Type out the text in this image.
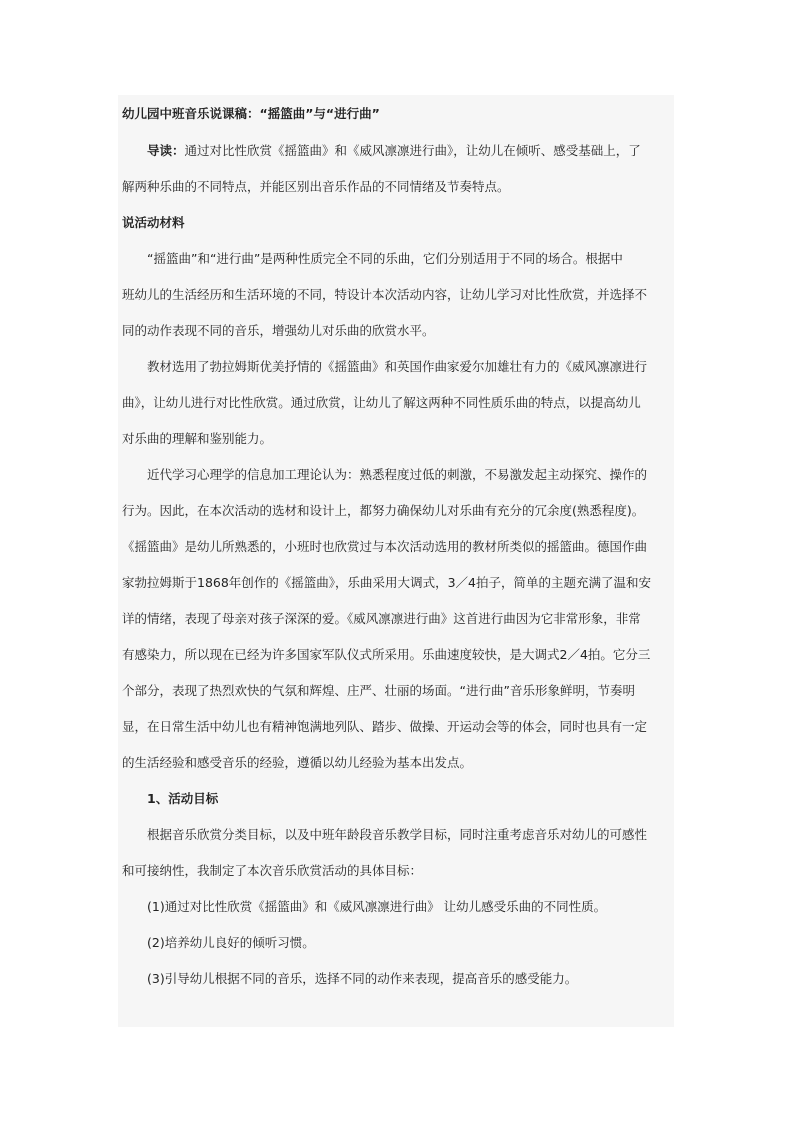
幼儿园中班音乐说课稿：“摇篮曲”与“进行曲”

导读：通过对比性欣赏《摇篮曲》和《威风凛凛进行曲》，让幼儿在倾听、感受基础上，了

解两种乐曲的不同特点，并能区别出音乐作品的不同情绪及节奏特点。

说活动材料

“摇篮曲”和“进行曲”是两种性质完全不同的乐曲，它们分别适用于不同的场合。根据中

班幼儿的生活经历和生活环境的不同，特设计本次活动内容，让幼儿学习对比性欣赏，并选择不

同的动作表现不同的音乐，增强幼儿对乐曲的欣赏水平。

教材选用了勃拉姆斯优美抒情的《摇篮曲》和英国作曲家爱尔加雄壮有力的《威风凛凛进行

曲》，让幼儿进行对比性欣赏。通过欣赏，让幼儿了解这两种不同性质乐曲的特点，以提高幼儿

对乐曲的理解和鉴别能力。

近代学习心理学的信息加工理论认为：熟悉程度过低的刺激，不易激发起主动探究、操作的

行为。因此，在本次活动的选材和设计上，都努力确保幼儿对乐曲有充分的冗余度(熟悉程度)。

《摇篮曲》是幼儿所熟悉的，小班时也欣赏过与本次活动选用的教材所类似的摇篮曲。德国作曲

家勃拉姆斯于1868年创作的《摇篮曲》，乐曲采用大调式，3／4拍子，简单的主题充满了温和安

详的情绪，表现了母亲对孩子深深的爱。《威风凛凛进行曲》这首进行曲因为它非常形象，非常

有感染力，所以现在已经为许多国家军队仪式所采用。乐曲速度较快，是大调式2／4拍。它分三

个部分，表现了热烈欢快的气氛和辉煌、庄严、壮丽的场面。“进行曲”音乐形象鲜明，节奏明

显，在日常生活中幼儿也有精神饱满地列队、踏步、做操、开运动会等的体会，同时也具有一定

的生活经验和感受音乐的经验，遵循以幼儿经验为基本出发点。

1、活动目标

根据音乐欣赏分类目标，以及中班年龄段音乐教学目标，同时注重考虑音乐对幼儿的可感性

和可接纳性，我制定了本次音乐欣赏活动的具体目标：

(1)通过对比性欣赏《摇篮曲》和《威风凛凛进行曲》 让幼儿感受乐曲的不同性质。

(2)培养幼儿良好的倾听习惯。

(3)引导幼儿根据不同的音乐，选择不同的动作来表现，提高音乐的感受能力。
